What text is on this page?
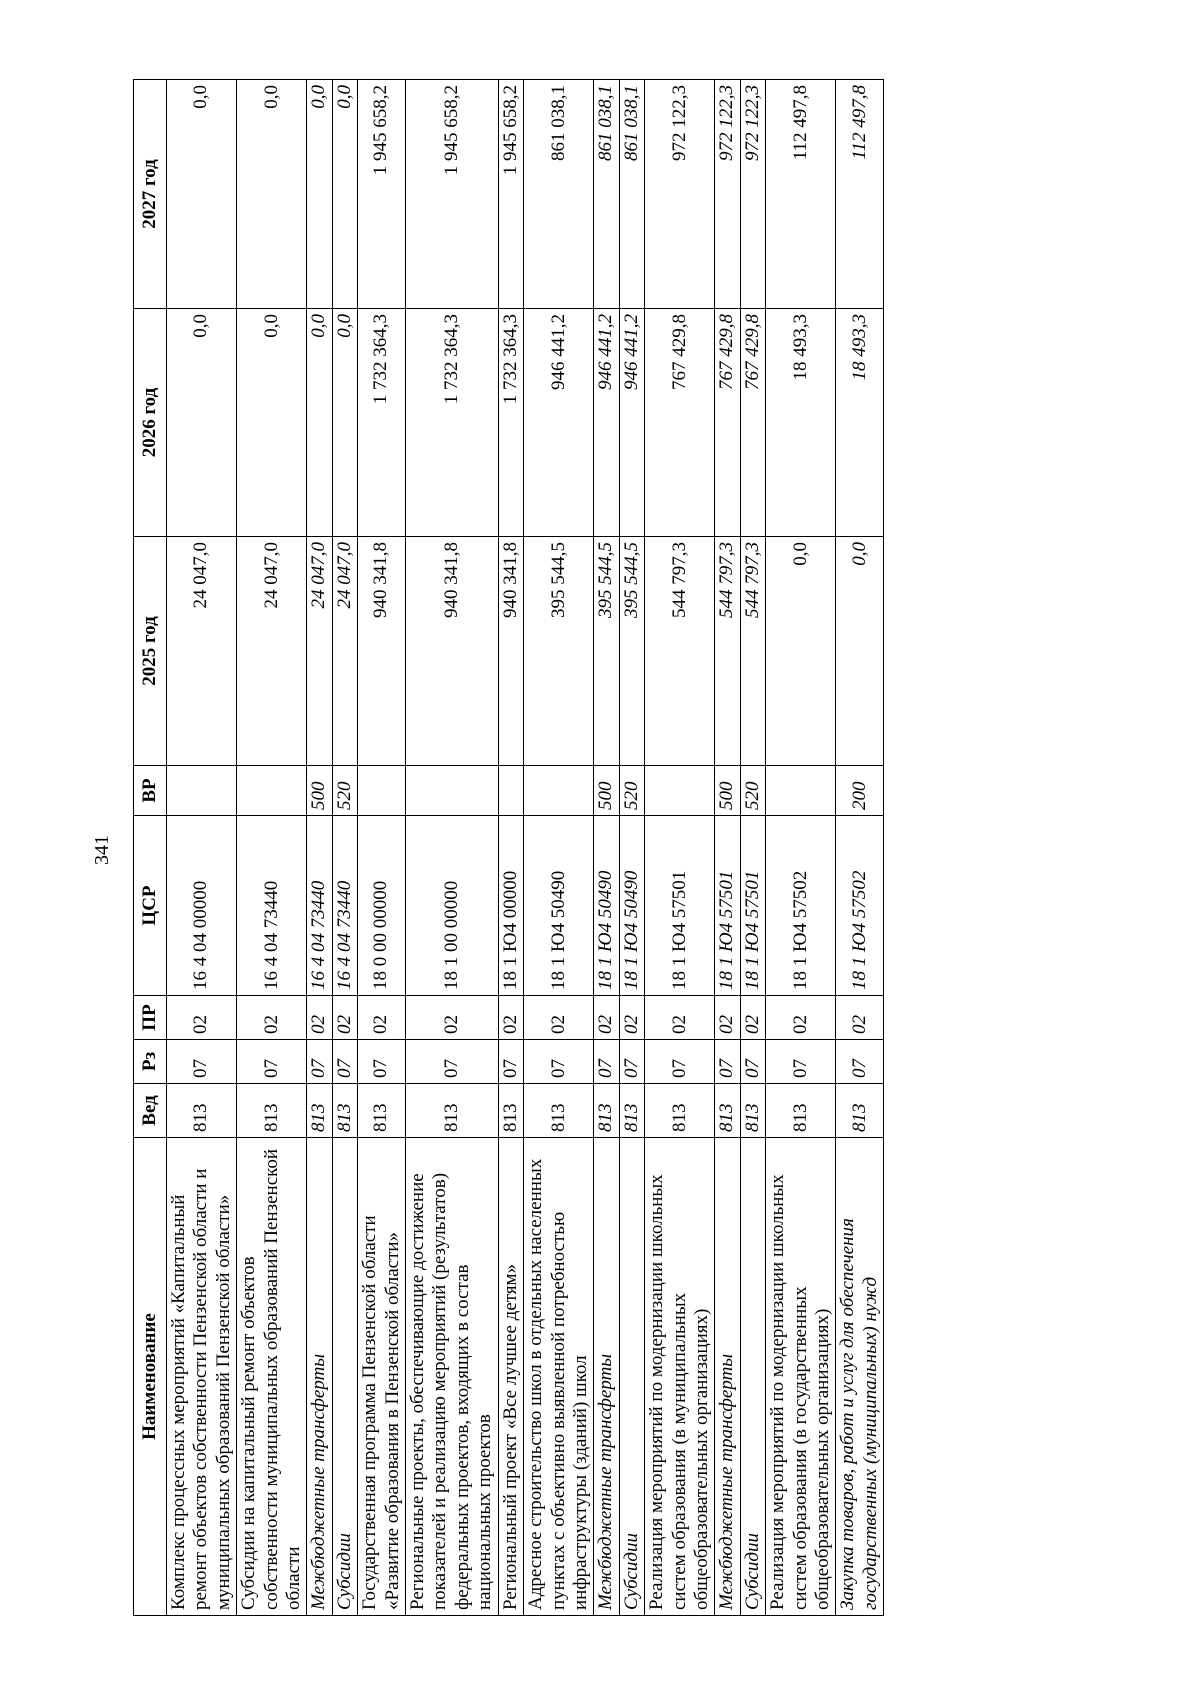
341
Наименование	Вед	Рз	ПР	ЦСР	ВР	2025 год	2026 год	2027 год
Комплекс процессных мероприятий «Капитальный ремонт объектов собственности Пензенской области и муниципальных образований Пензенской области»	813	07	02	16 4 04 00000		24 047,0	0,0	0,0
Субсидии на капитальный ремонт объектов собственности муниципальных образований Пензенской области	813	07	02	16 4 04 73440		24 047,0	0,0	0,0
Межбюджетные трансферты	813	07	02	16 4 04 73440	500	24 047,0	0,0	0,0
Субсидии	813	07	02	16 4 04 73440	520	24 047,0	0,0	0,0
Государственная программа Пензенской области «Развитие образования в Пензенской области»	813	07	02	18 0 00 00000		940 341,8	1 732 364,3	1 945 658,2
Региональные проекты, обеспечивающие достижение показателей и реализацию мероприятий (результатов) федеральных проектов, входящих в состав национальных проектов	813	07	02	18 1 00 00000		940 341,8	1 732 364,3	1 945 658,2
Региональный проект «Все лучшее детям»	813	07	02	18 1 Ю4 00000		940 341,8	1 732 364,3	1 945 658,2
Адресное строительство школ в отдельных населенных пунктах с объективно выявленной потребностью инфраструктуры (зданий) школ	813	07	02	18 1 Ю4 50490		395 544,5	946 441,2	861 038,1
Межбюджетные трансферты	813	07	02	18 1 Ю4 50490	500	395 544,5	946 441,2	861 038,1
Субсидии	813	07	02	18 1 Ю4 50490	520	395 544,5	946 441,2	861 038,1
Реализация мероприятий по модернизации школьных систем образования (в муниципальных общеобразовательных организациях)	813	07	02	18 1 Ю4 57501		544 797,3	767 429,8	972 122,3
Межбюджетные трансферты	813	07	02	18 1 Ю4 57501	500	544 797,3	767 429,8	972 122,3
Субсидии	813	07	02	18 1 Ю4 57501	520	544 797,3	767 429,8	972 122,3
Реализация мероприятий по модернизации школьных систем образования (в государственных общеобразовательных организациях)	813	07	02	18 1 Ю4 57502		0,0	18 493,3	112 497,8
Закупка товаров, работ и услуг для обеспечения государственных (муниципальных) нужд	813	07	02	18 1 Ю4 57502	200	0,0	18 493,3	112 497,8
